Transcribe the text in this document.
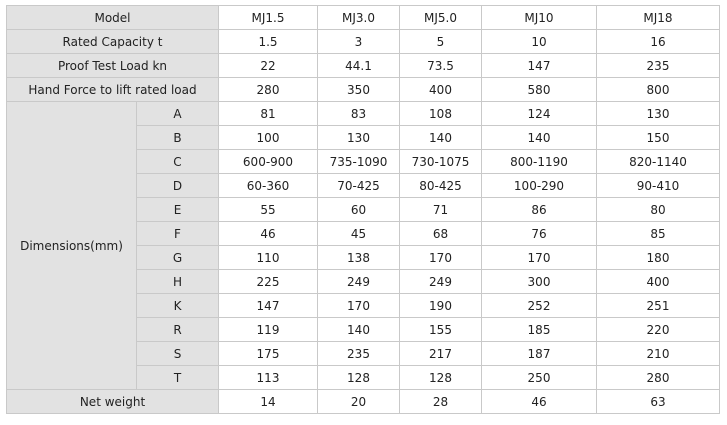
Model		MJ1.5	MJ3.0	MJ5.0	MJ10	MJ18
Rated Capacity t		1.5	3	5	10	16
Proof Test Load kn		22	44.1	73.5	147	235
Hand Force to lift rated load		280	350	400	580	800
Dimensions(mm)	A	81	83	108	124	130
	B	100	130	140	140	150
	C	600-900	735-1090	730-1075	800-1190	820-1140
	D	60-360	70-425	80-425	100-290	90-410
	E	55	60	71	86	80
	F	46	45	68	76	85
	G	110	138	170	170	180
	H	225	249	249	300	400
	K	147	170	190	252	251
	R	119	140	155	185	220
	S	175	235	217	187	210
	T	113	128	128	250	280
Net weight		14	20	28	46	63
